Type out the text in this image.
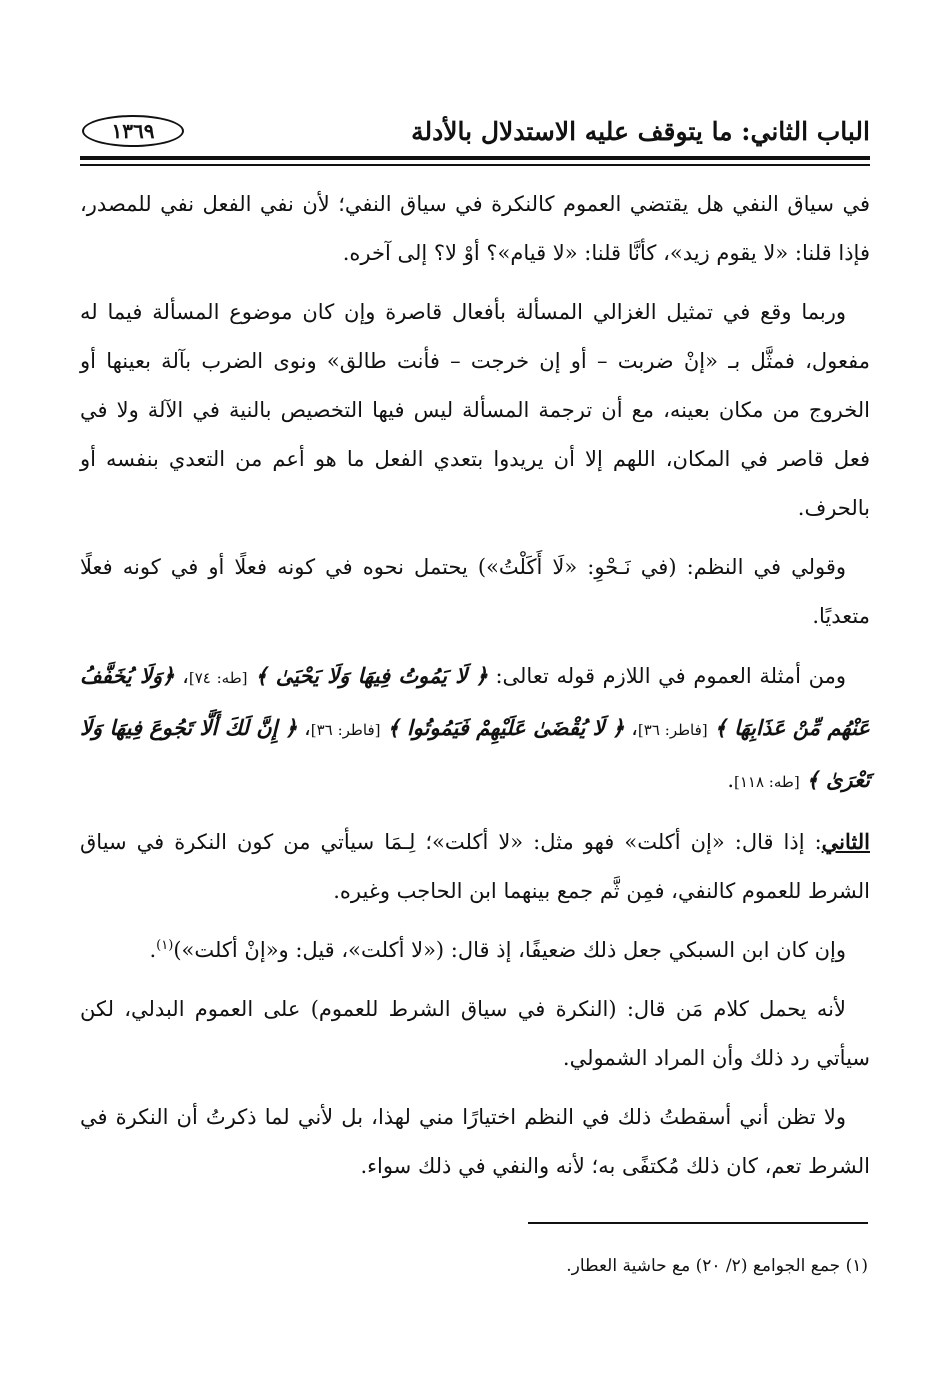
الباب الثاني: ما يتوقف عليه الاستدلال بالأدلة
١٣٦٩

في سياق النفي هل يقتضي العموم كالنكرة في سياق النفي؛ لأن نفي الفعل نفي للمصدر، فإذا قلنا: «لا يقوم زيد»، كأنَّا قلنا: «لا قيام»؟ أوْ لا؟ إلى آخره.

وربما وقع في تمثيل الغزالي المسألة بأفعال قاصرة وإن كان موضوع المسألة فيما له مفعول، فمثَّل بـ «إنْ ضربت – أو إن خرجت – فأنت طالق» ونوى الضرب بآلة بعينها أو الخروج من مكان بعينه، مع أن ترجمة المسألة ليس فيها التخصيص بالنية في الآلة ولا في فعل قاصر في المكان، اللهم إلا أن يريدوا بتعدي الفعل ما هو أعم من التعدي بنفسه أو بالحرف.

وقولي في النظم: (في نَـحْوِ: «لَا أَكَلْتُ») يحتمل نحوه في كونه فعلًا أو في كونه فعلًا متعديًا.

ومن أمثلة العموم في اللازم قوله تعالى: ﴿ لَا يَمُوتُ فِيهَا وَلَا يَحْيَىٰ ﴾ [طه: ٧٤]، ﴿وَلَا يُخَفَّفُ عَنْهُم مِّنْ عَذَابِهَا ﴾ [فاطر: ٣٦]، ﴿ لَا يُقْضَىٰ عَلَيْهِمْ فَيَمُوتُوا ﴾ [فاطر: ٣٦]، ﴿ إِنَّ لَكَ أَلَّا تَجُوعَ فِيهَا وَلَا تَعْرَىٰ ﴾ [طه: ١١٨].

الثاني: إذا قال: «إن أكلت» فهو مثل: «لا أكلت»؛ لِـمَا سيأتي من كون النكرة في سياق الشرط للعموم كالنفي، فمِن ثَّم جمع بينهما ابن الحاجب وغيره.

وإن كان ابن السبكي جعل ذلك ضعيفًا، إذ قال: («لا أكلت»، قيل: و«إنْ أكلت»)$^{(١)}$.

لأنه يحمل كلام مَن قال: (النكرة في سياق الشرط للعموم) على العموم البدلي، لكن سيأتي رد ذلك وأن المراد الشمولي.

ولا تظن أني أسقطتُ ذلك في النظم اختيارًا مني لهذا، بل لأني لما ذكرتُ أن النكرة في الشرط تعم، كان ذلك مُكتفًى به؛ لأنه والنفي في ذلك سواء.

(١) جمع الجوامع (٢/ ٢٠) مع حاشية العطار.
